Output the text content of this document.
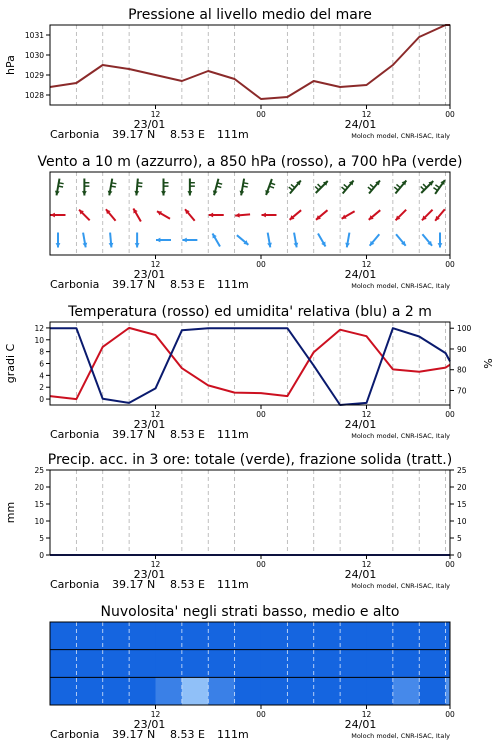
1028
1029
1030
1031
Pressione al livello medio del mare
hPa
12	00	12	00
23/01	24/01
Carbonia 39.17 N 8.53 E 111m	Moloch model, CNR-ISAC, Italy
Vento a 10 m (azzurro), a 850 hPa (rosso), a 700 hPa (verde)
12	00	12	00
23/01	24/01
Carbonia 39.17 N 8.53 E 111m	Moloch model, CNR-ISAC, Italy
0
2
4
6
8
10
12
70
80
90
100
Temperatura (rosso) ed umidita' relativa (blu) a 2 m
gradi C	%
12	00	12	00
23/01	24/01
Carbonia 39.17 N 8.53 E 111m	Moloch model, CNR-ISAC, Italy
0
5
10
15
20
25
0
5
10
15
20
25
Precip. acc. in 3 ore: totale (verde), frazione solida (tratt.)
mm
12	00	12	00
23/01	24/01
Carbonia 39.17 N 8.53 E 111m	Moloch model, CNR-ISAC, Italy
Nuvolosita' negli strati basso, medio e alto
12	00	12	00
23/01	24/01
Carbonia 39.17 N 8.53 E 111m	Moloch model, CNR-ISAC, Italy
